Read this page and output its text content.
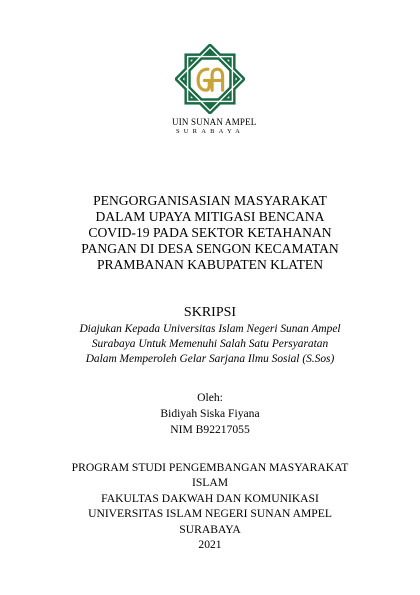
UIN SUNAN AMPEL
SURABAYA
PENGORGANISASIAN MASYARAKAT
DALAM UPAYA MITIGASI BENCANA
COVID-19 PADA SEKTOR KETAHANAN
PANGAN DI DESA SENGON KECAMATAN
PRAMBANAN KABUPATEN KLATEN
SKRIPSI
Diajukan Kepada Universitas Islam Negeri Sunan Ampel
Surabaya Untuk Memenuhi Salah Satu Persyaratan
Dalam Memperoleh Gelar Sarjana Ilmu Sosial (S.Sos)
Oleh:
Bidiyah Siska Fiyana
NIM B92217055
PROGRAM STUDI PENGEMBANGAN MASYARAKAT
ISLAM
FAKULTAS DAKWAH DAN KOMUNIKASI
UNIVERSITAS ISLAM NEGERI SUNAN AMPEL
SURABAYA
2021
